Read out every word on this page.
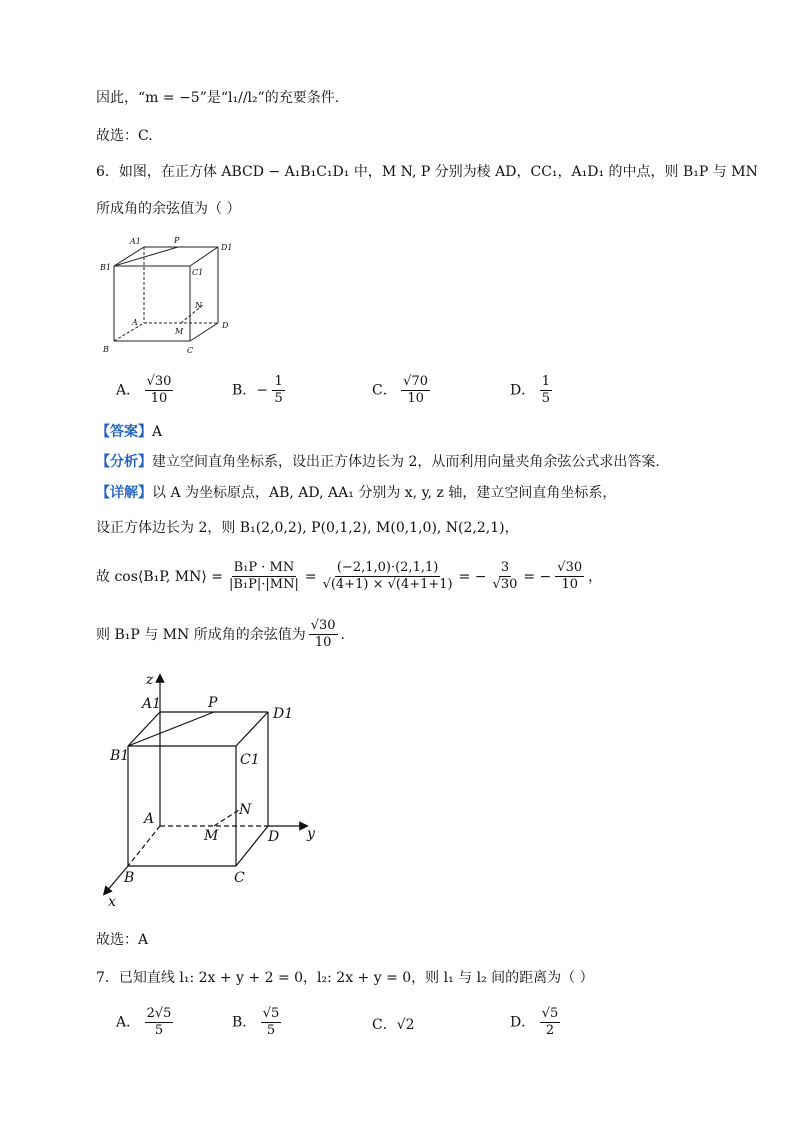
因此，“m = −5”是“l₁//l₂”的充要条件.
故选：C.
6．如图，在正方体 ABCD − A₁B₁C₁D₁ 中，M N, P 分别为棱 AD，CC₁，A₁D₁ 的中点，则 B₁P 与 MN
所成角的余弦值为（ ）
A1	P
D1
B1
C1
N
A
M
D
B	C
A． $\frac{√30}{10}$	B．− $\frac{1}{5}$	C． $\frac{√70}{10}$	D． $\frac{1}{5}$
【答案】A
【分析】建立空间直角坐标系，设出正方体边长为 2，从而利用向量夹角余弦公式求出答案.
【详解】以 A 为坐标原点，AB, AD, AA₁ 分别为 x, y, z 轴，建立空间直角坐标系，
设正方体边长为 2，则 B₁(2,0,2), P(0,1,2), M(0,1,0), N(2,2,1)，
故 cos⟨B₁P, MN⟩ = $\frac{\text{B₁P · MN}}{\text{|B₁P|·|MN|}} = \frac{(-2,1,0)\cdot(2,1,1)}{√(4+1) \times √(4+1+1)}$ = − $\frac{3}{√30}$ = − $\frac{√30}{10}$ ，
则 B₁P 与 MN 所成角的余弦值为 $\frac{√30}{10}$ .
z
A1	P
D1
B1	C1
N
A
M	D y
B	C
x
故选：A
7．已知直线 l₁: 2x + y + 2 = 0，l₂: 2x + y = 0，则 l₁ 与 l₂ 间的距离为（ ）
A． $\frac{2√5}{5}$	B． $\frac{√5}{5}$	C．√2	D． $\frac{√5}{2}$
